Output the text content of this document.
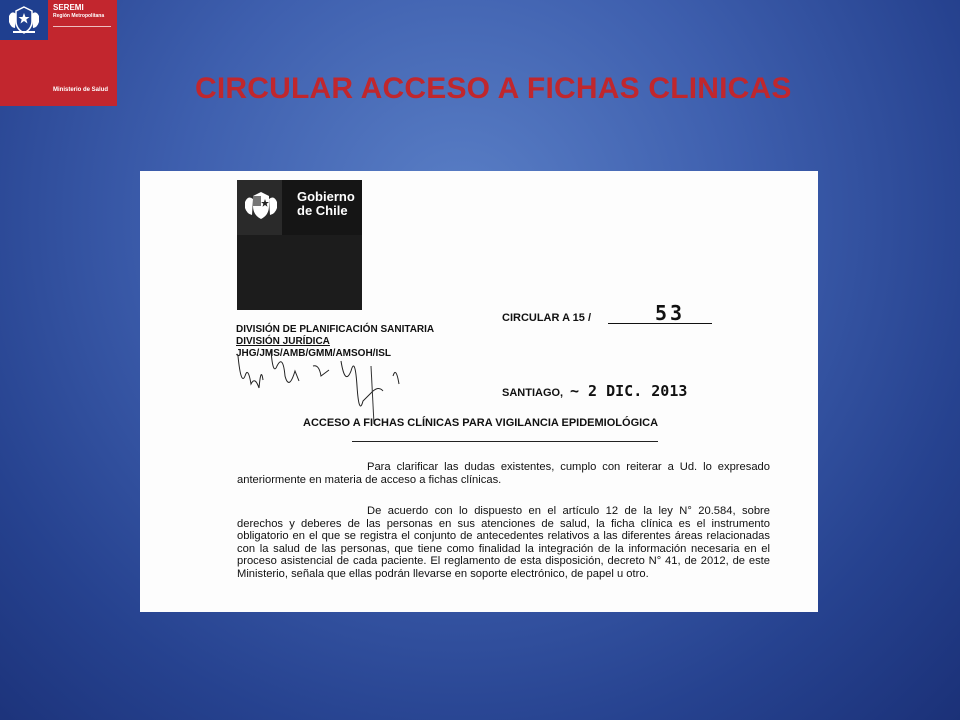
SEREMI
Región Metropolitana
Ministerio de Salud	CIRCULAR ACCESO A FICHAS CLINICAS
Gobierno de Chile
CIRCULAR A 15 /	53
DIVISIÓN DE PLANIFICACIÓN SANITARIA
DIVISIÓN JURÍDICA
JHG/JMS/AMB/GMM/AMSOH/ISL
SANTIAGO, ~ 2 DIC. 2013
ACCESO A FICHAS CLÍNICAS PARA VIGILANCIA EPIDEMIOLÓGICA
Para clarificar las dudas existentes, cumplo con reiterar a Ud. lo expresado anteriormente en materia de acceso a fichas clínicas.
De acuerdo con lo dispuesto en el artículo 12 de la ley N° 20.584, sobre derechos y deberes de las personas en sus atenciones de salud, la ficha clínica es el instrumento obligatorio en el que se registra el conjunto de antecedentes relativos a las diferentes áreas relacionadas con la salud de las personas, que tiene como finalidad la integración de la información necesaria en el proceso asistencial de cada paciente. El reglamento de esta disposición, decreto N° 41, de 2012, de este Ministerio, señala que ellas podrán llevarse en soporte electrónico, de papel u otro.
